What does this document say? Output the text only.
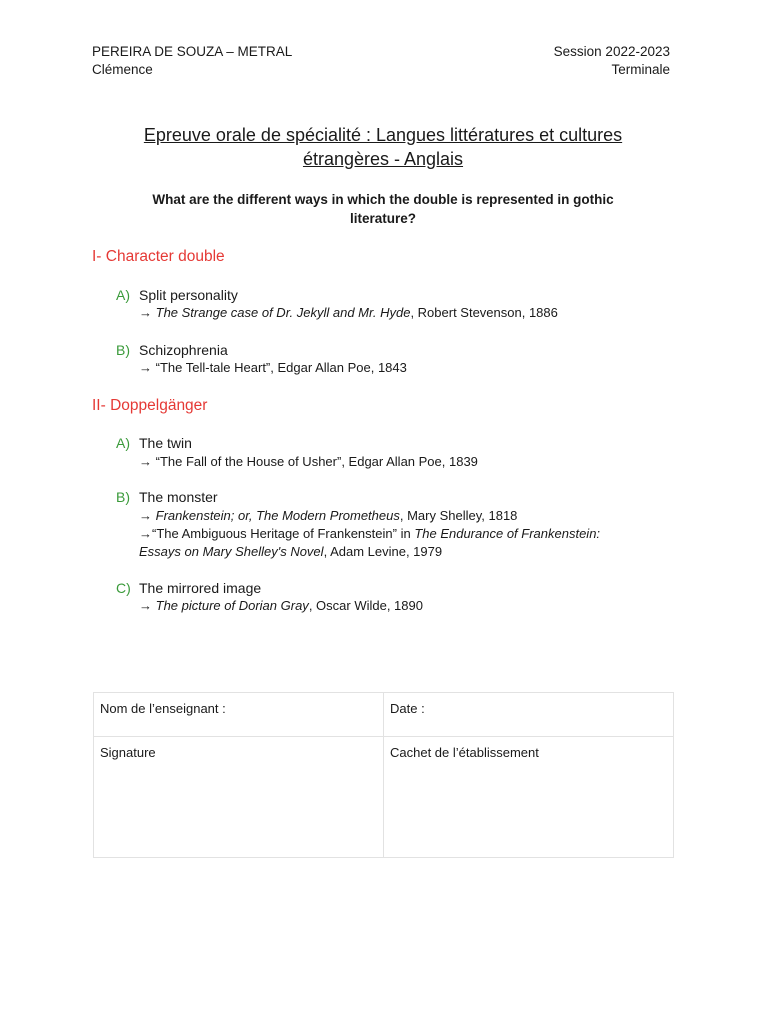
PEREIRA DE SOUZA – METRAL
Clémence
Session 2022-2023
Terminale
Epreuve orale de spécialité : Langues littératures et cultures
étrangères - Anglais
What are the different ways in which the double is represented in gothic
literature?
I- Character double
A) Split personality
→ The Strange case of Dr. Jekyll and Mr. Hyde, Robert Stevenson, 1886
B) Schizophrenia
→ “The Tell-tale Heart”, Edgar Allan Poe, 1843
II- Doppelgänger
A) The twin
→ “The Fall of the House of Usher”, Edgar Allan Poe, 1839
B) The monster
→ Frankenstein; or, The Modern Prometheus, Mary Shelley, 1818
→“The Ambiguous Heritage of Frankenstein” in The Endurance of Frankenstein:
Essays on Mary Shelley's Novel, Adam Levine, 1979
C) The mirrored image
→ The picture of Dorian Gray, Oscar Wilde, 1890
Nom de l’enseignant :	Date :
Signature	Cachet de l’établissement
